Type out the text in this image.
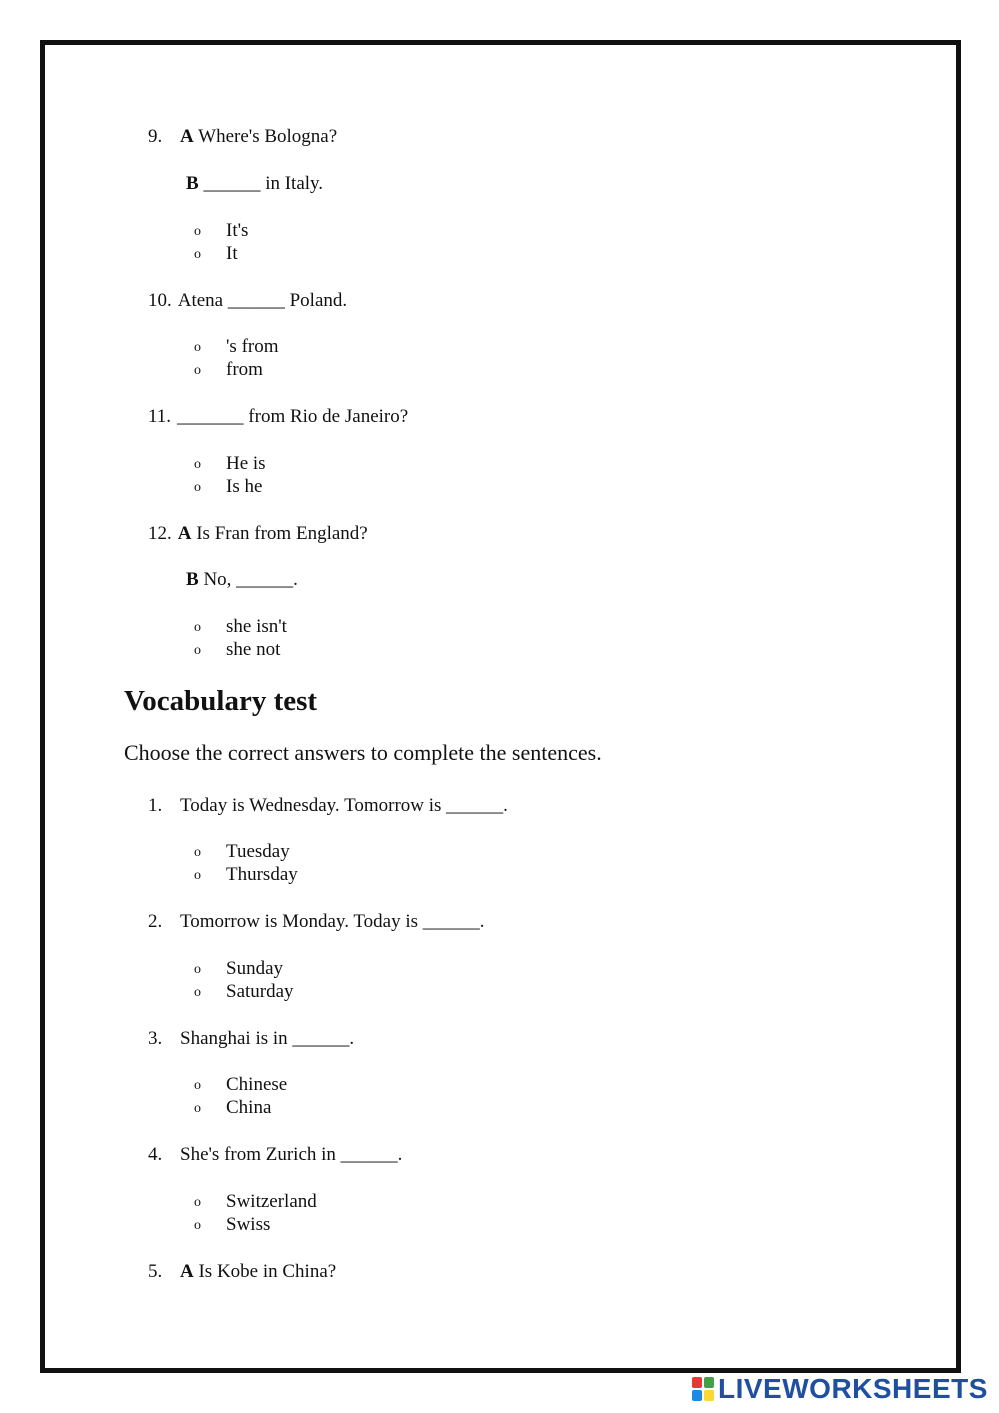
9. A Where's Bologna?
B ______ in Italy.
o It's
o It
10. Atena ______ Poland.
o 's from
o from
11. _______ from Rio de Janeiro?
o He is
o Is he
12. A Is Fran from England?
B No, ______.
o she isn't
o she not
Vocabulary test
Choose the correct answers to complete the sentences.
1. Today is Wednesday. Tomorrow is ______.
o Tuesday
o Thursday
2. Tomorrow is Monday. Today is ______.
o Sunday
o Saturday
3. Shanghai is in ______.
o Chinese
o China
4. She's from Zurich in ______.
o Switzerland
o Swiss
5. A Is Kobe in China?
LIVEWORKSHEETS
